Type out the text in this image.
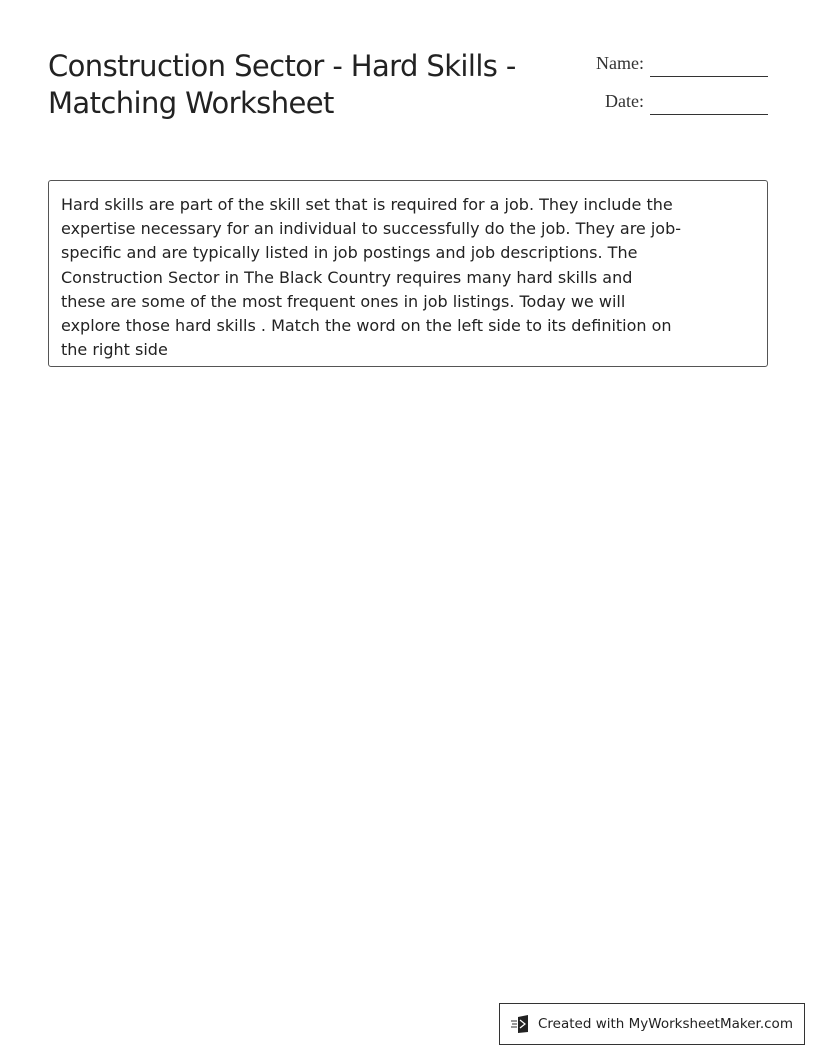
Construction Sector - Hard Skills - Matching Worksheet
Name:
Date:
Hard skills are part of the skill set that is required for a job. They include the
expertise necessary for an individual to successfully do the job. They are job-
specific and are typically listed in job postings and job descriptions. The
Construction Sector in The Black Country requires many hard skills and
these are some of the most frequent ones in job listings. Today we will
explore those hard skills . Match the word on the left side to its definition on
the right side
Created with MyWorksheetMaker.com
